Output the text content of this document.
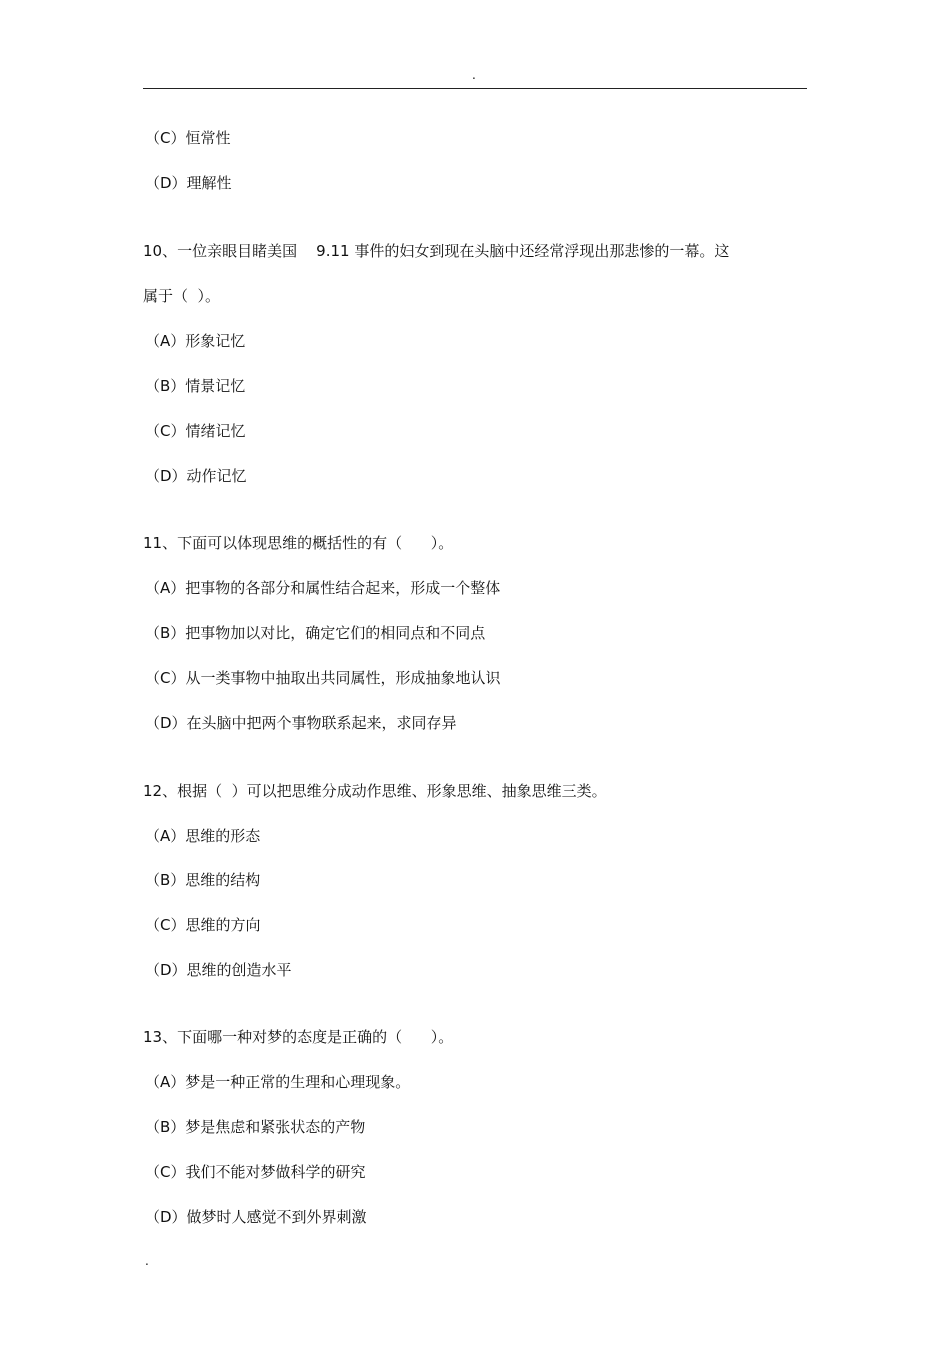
.
（C）恒常性
（D）理解性
10、一位亲眼目睹美国    9.11 事件的妇女到现在头脑中还经常浮现出那悲惨的一幕。这
属于（  ）。
（A）形象记忆
（B）情景记忆
（C）情绪记忆
（D）动作记忆
11、下面可以体现思维的概括性的有（      ）。
（A）把事物的各部分和属性结合起来，形成一个整体
（B）把事物加以对比，确定它们的相同点和不同点
（C）从一类事物中抽取出共同属性，形成抽象地认识
（D）在头脑中把两个事物联系起来，求同存异
12、根据（  ）可以把思维分成动作思维、形象思维、抽象思维三类。
（A）思维的形态
（B）思维的结构
（C）思维的方向
（D）思维的创造水平
13、下面哪一种对梦的态度是正确的（      ）。
（A）梦是一种正常的生理和心理现象。
（B）梦是焦虑和紧张状态的产物
（C）我们不能对梦做科学的研究
（D）做梦时人感觉不到外界刺激
.
